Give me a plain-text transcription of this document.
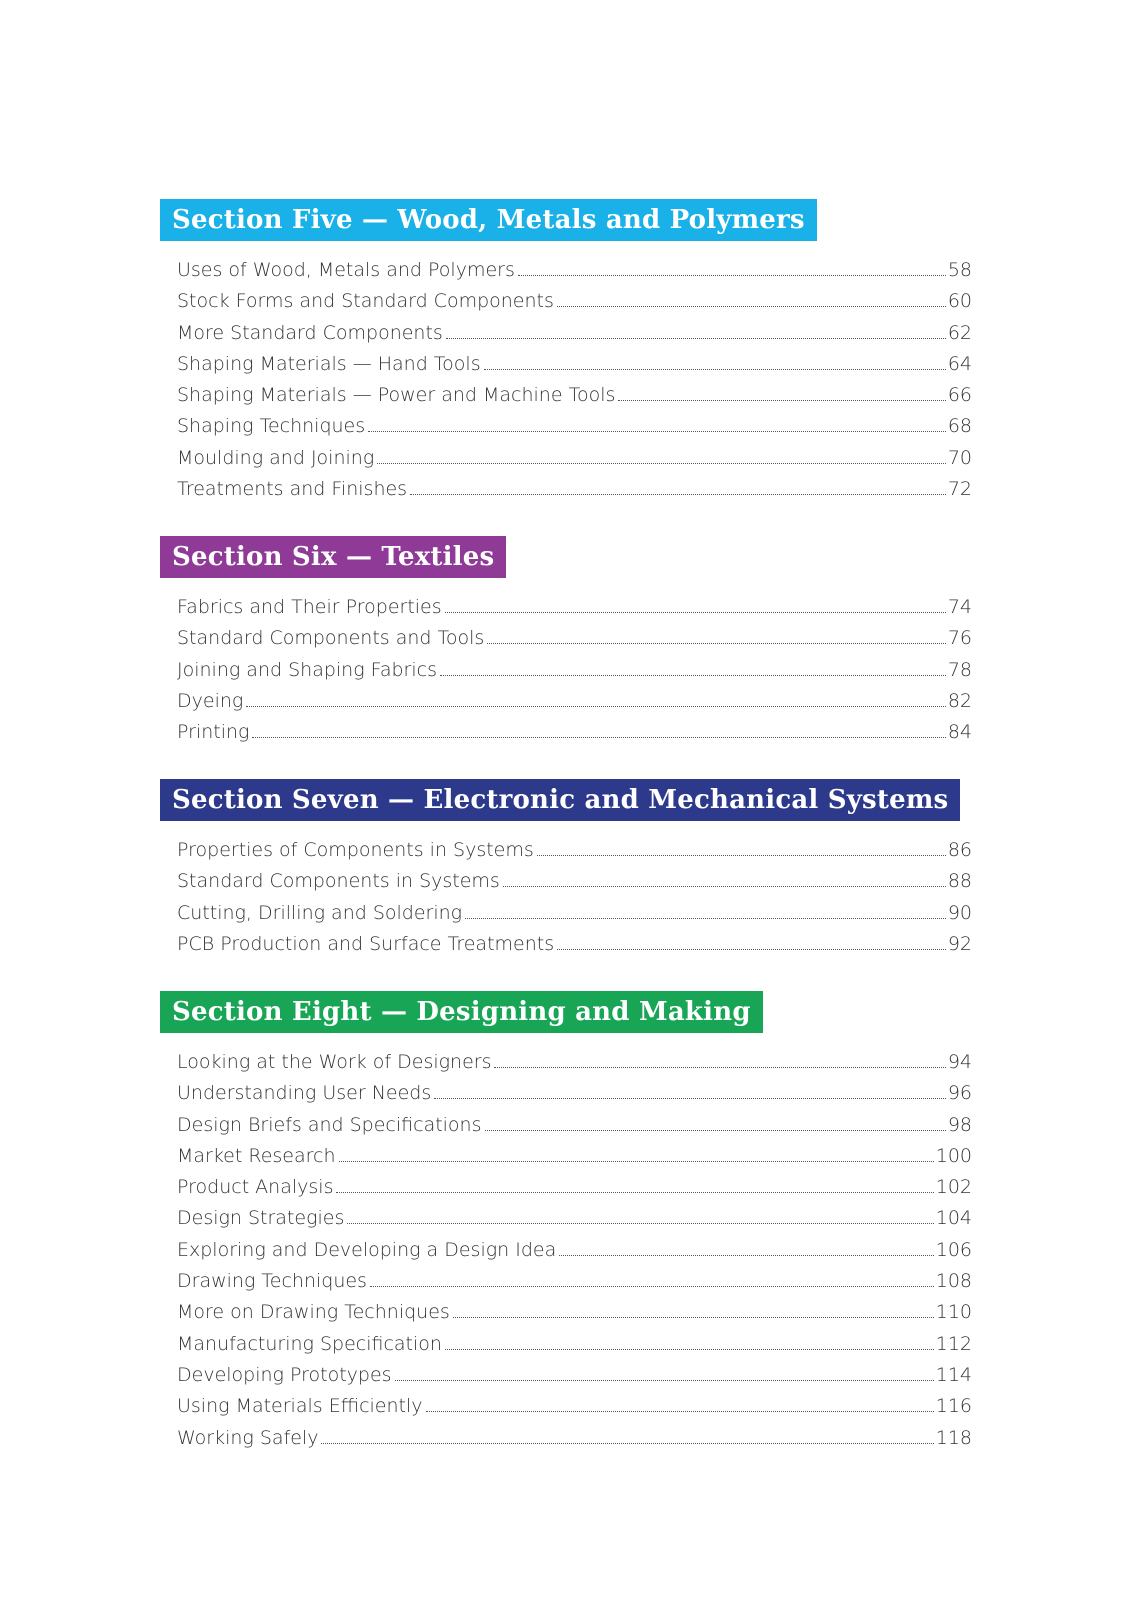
Section Five — Wood, Metals and Polymers
Uses of Wood, Metals and Polymers	58
Stock Forms and Standard Components	60
More Standard Components	62
Shaping Materials — Hand Tools	64
Shaping Materials — Power and Machine Tools	66
Shaping Techniques	68
Moulding and Joining	70
Treatments and Finishes	72
Section Six — Textiles
Fabrics and Their Properties	74
Standard Components and Tools	76
Joining and Shaping Fabrics	78
Dyeing	82
Printing	84
Section Seven — Electronic and Mechanical Systems
Properties of Components in Systems	86
Standard Components in Systems	88
Cutting, Drilling and Soldering	90
PCB Production and Surface Treatments	92
Section Eight — Designing and Making
Looking at the Work of Designers	94
Understanding User Needs	96
Design Briefs and Specifications	98
Market Research	100
Product Analysis	102
Design Strategies	104
Exploring and Developing a Design Idea	106
Drawing Techniques	108
More on Drawing Techniques	110
Manufacturing Specification	112
Developing Prototypes	114
Using Materials Efficiently	116
Working Safely	118
